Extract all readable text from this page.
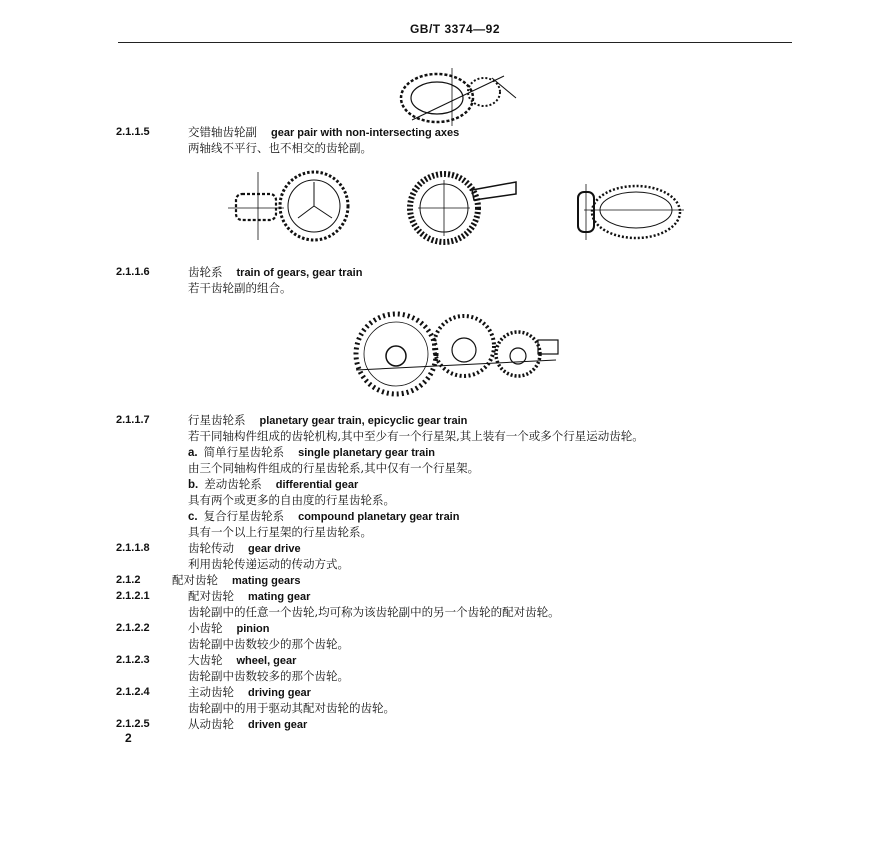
GB/T 3374—92
2.1.1.5	交错轴齿轮副 gear pair with non-intersecting axes
两轴线不平行、也不相交的齿轮副。
2.1.1.6	齿轮系 train of gears, gear train
若干齿轮副的组合。
2.1.1.7	行星齿轮系 planetary gear train, epicyclic gear train
若干同轴构件组成的齿轮机构,其中至少有一个行星架,其上装有一个或多个行星运动齿轮。
a. 简单行星齿轮系 single planetary gear train
由三个同轴构件组成的行星齿轮系,其中仅有一个行星架。
b. 差动齿轮系 differential gear
具有两个或更多的自由度的行星齿轮系。
c. 复合行星齿轮系 compound planetary gear train
具有一个以上行星架的行星齿轮系。
2.1.1.8	齿轮传动 gear drive
利用齿轮传递运动的传动方式。
2.1.2	配对齿轮 mating gears
2.1.2.1	配对齿轮 mating gear
齿轮副中的任意一个齿轮,均可称为该齿轮副中的另一个齿轮的配对齿轮。
2.1.2.2	小齿轮 pinion
齿轮副中齿数较少的那个齿轮。
2.1.2.3	大齿轮 wheel, gear
齿轮副中齿数较多的那个齿轮。
2.1.2.4	主动齿轮 driving gear
齿轮副中的用于驱动其配对齿轮的齿轮。
2.1.2.5	从动齿轮 driven gear
2
